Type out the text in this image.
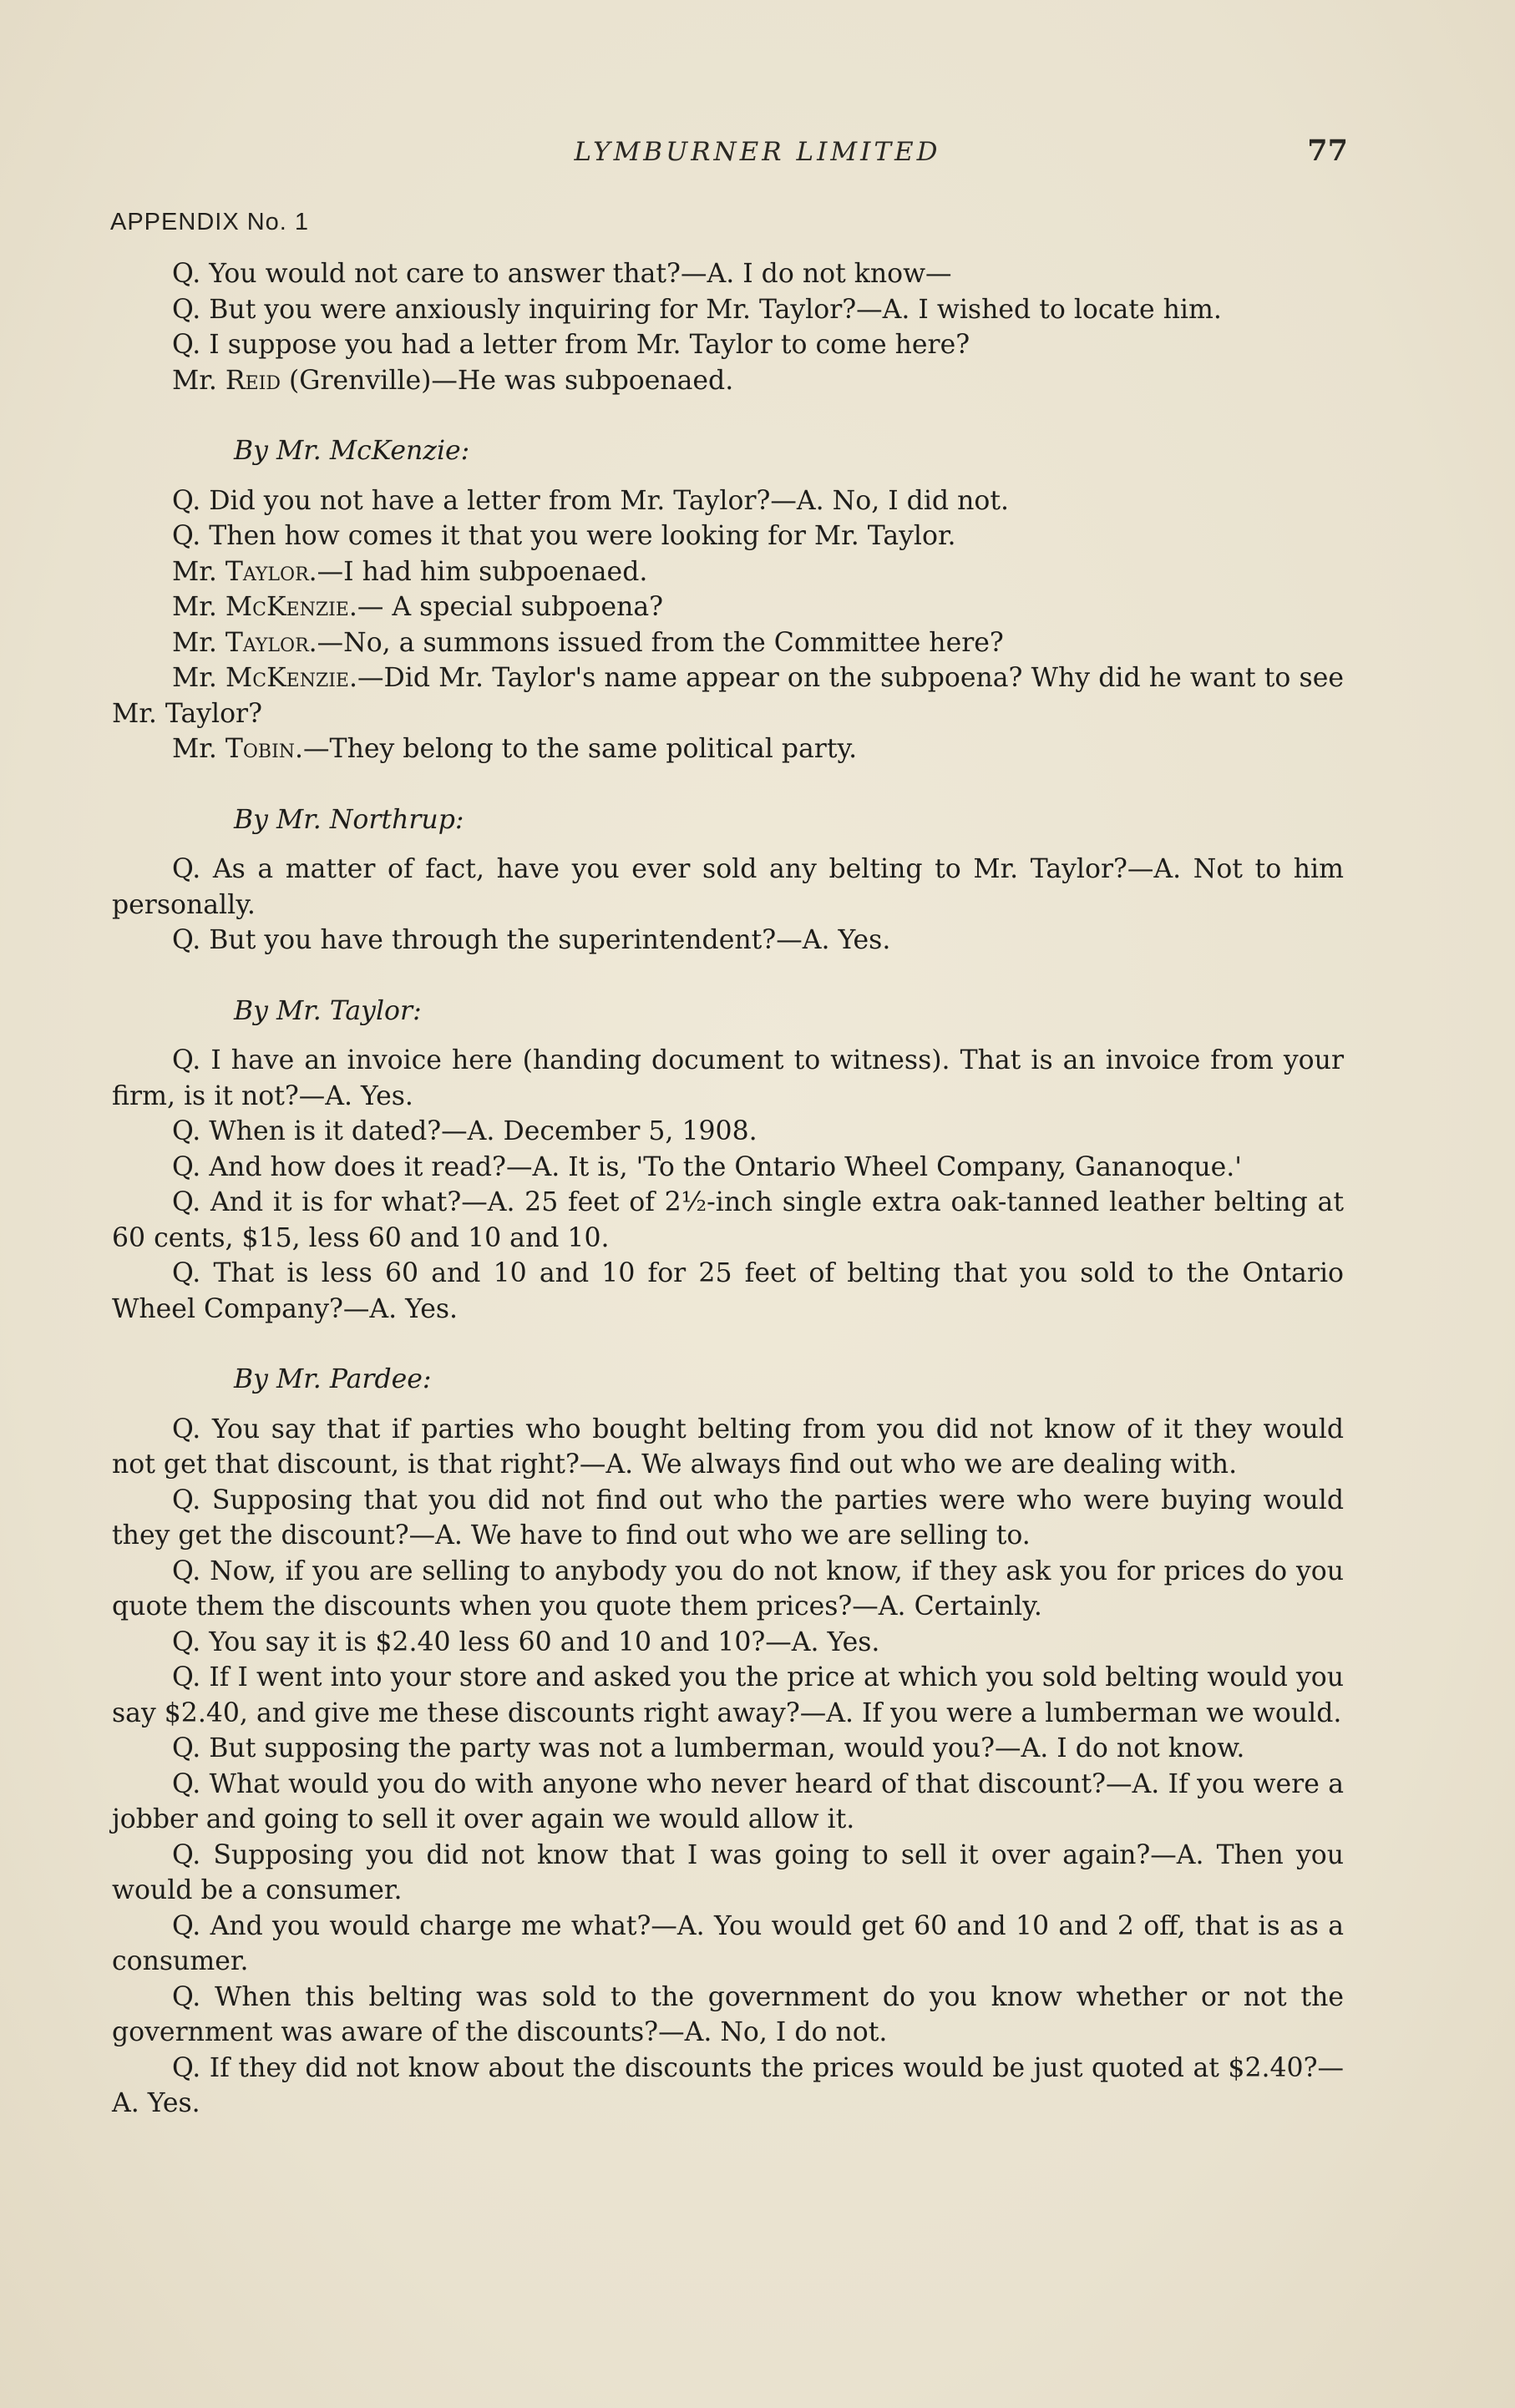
LYMBURNER LIMITED	77
APPENDIX No. 1

Q. You would not care to answer that?—A. I do not know—

Q. But you were anxiously inquiring for Mr. Taylor?—A. I wished to locate him.

Q. I suppose you had a letter from Mr. Taylor to come here?

Mr. Reid (Grenville)—He was subpoenaed.

By Mr. McKenzie:

Q. Did you not have a letter from Mr. Taylor?—A. No, I did not.

Q. Then how comes it that you were looking for Mr. Taylor.

Mr. Taylor.—I had him subpoenaed.

Mr. McKenzie.— A special subpoena?

Mr. Taylor.—No, a summons issued from the Committee here?

Mr. McKenzie.—Did Mr. Taylor's name appear on the subpoena? Why did he want to see Mr. Taylor?

Mr. Tobin.—They belong to the same political party.

By Mr. Northrup:

Q. As a matter of fact, have you ever sold any belting to Mr. Taylor?—A. Not to him personally.

Q. But you have through the superintendent?—A. Yes.

By Mr. Taylor:

Q. I have an invoice here (handing document to witness). That is an invoice from your firm, is it not?—A. Yes.

Q. When is it dated?—A. December 5, 1908.

Q. And how does it read?—A. It is, 'To the Ontario Wheel Company, Gananoque.'

Q. And it is for what?—A. 25 feet of 2½-inch single extra oak-tanned leather belting at 60 cents, $15, less 60 and 10 and 10.

Q. That is less 60 and 10 and 10 for 25 feet of belting that you sold to the Ontario Wheel Company?—A. Yes.

By Mr. Pardee:

Q. You say that if parties who bought belting from you did not know of it they would not get that discount, is that right?—A. We always find out who we are dealing with.

Q. Supposing that you did not find out who the parties were who were buying would they get the discount?—A. We have to find out who we are selling to.

Q. Now, if you are selling to anybody you do not know, if they ask you for prices do you quote them the discounts when you quote them prices?—A. Certainly.

Q. You say it is $2.40 less 60 and 10 and 10?—A. Yes.

Q. If I went into your store and asked you the price at which you sold belting would you say $2.40, and give me these discounts right away?—A. If you were a lumberman we would.

Q. But supposing the party was not a lumberman, would you?—A. I do not know.

Q. What would you do with anyone who never heard of that discount?—A. If you were a jobber and going to sell it over again we would allow it.

Q. Supposing you did not know that I was going to sell it over again?—A. Then you would be a consumer.

Q. And you would charge me what?—A. You would get 60 and 10 and 2 off, that is as a consumer.

Q. When this belting was sold to the government do you know whether or not the government was aware of the discounts?—A. No, I do not.

Q. If they did not know about the discounts the prices would be just quoted at $2.40?—A. Yes.
